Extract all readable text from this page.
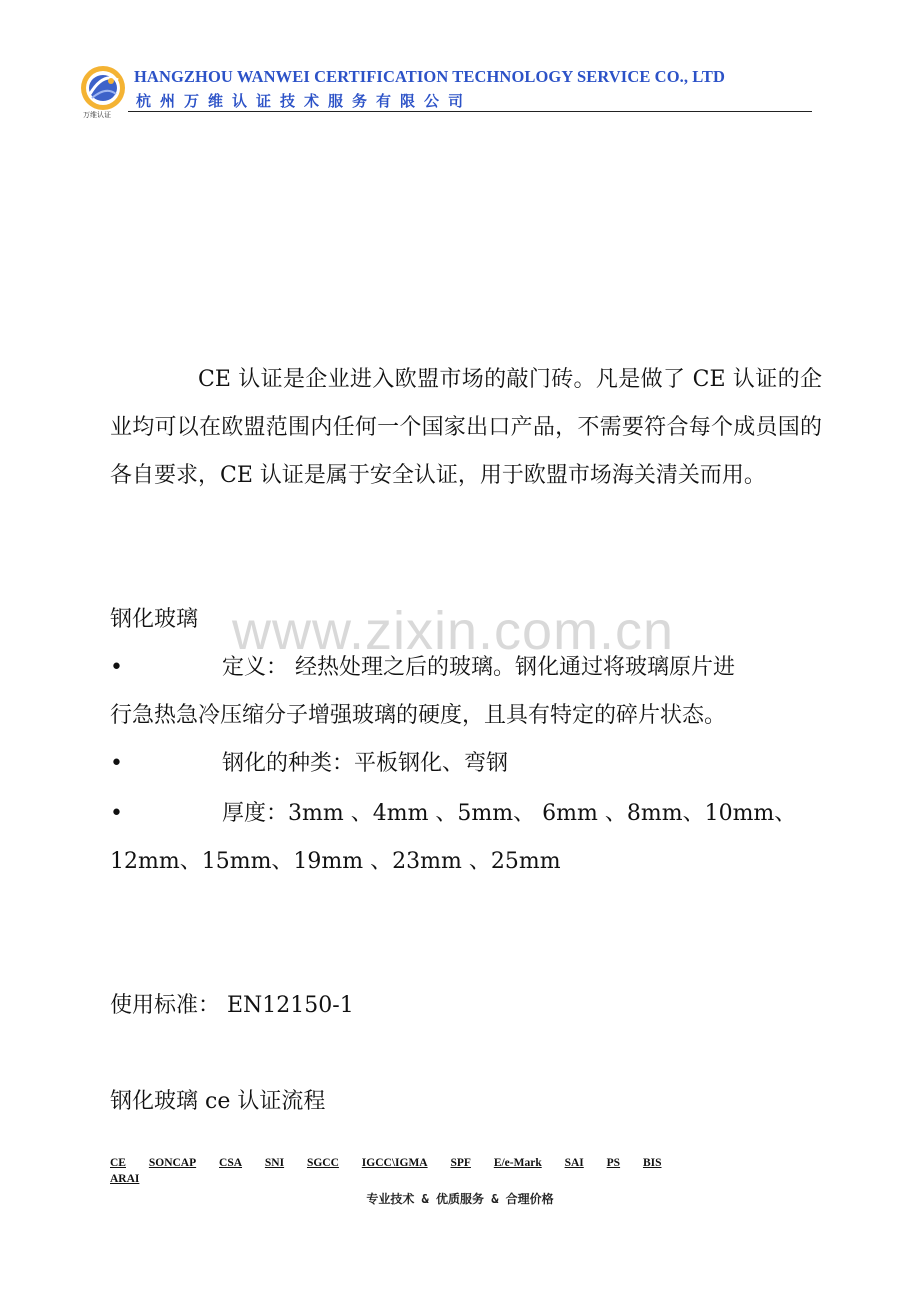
万维认证
HANGZHOU WANWEI CERTIFICATION TECHNOLOGY SERVICE CO., LTD
杭州万维认证技术服务有限公司
www.zixin.com.cn
CE 认证是企业进入欧盟市场的敲门砖。凡是做了 CE 认证的企业均可以在欧盟范围内任何一个国家出口产品，不需要符合每个成员国的各自要求，CE 认证是属于安全认证，用于欧盟市场海关清关而用。
钢化玻璃
•	定义： 经热处理之后的玻璃。钢化通过将玻璃原片进
行急热急冷压缩分子增强玻璃的硬度，且具有特定的碎片状态。
•	钢化的种类：平板钢化、弯钢
•	厚度：3mm 、4mm 、5mm、 6mm 、8mm、10mm、
12mm、15mm、19mm 、23mm 、25mm
使用标准： EN12150-1
钢化玻璃 ce 认证流程
CE SONCAP CSA SNI SGCC IGCC\IGMA SPF E/e-Mark SAI PS BIS
ARAI
专业技术 & 优质服务 & 合理价格
